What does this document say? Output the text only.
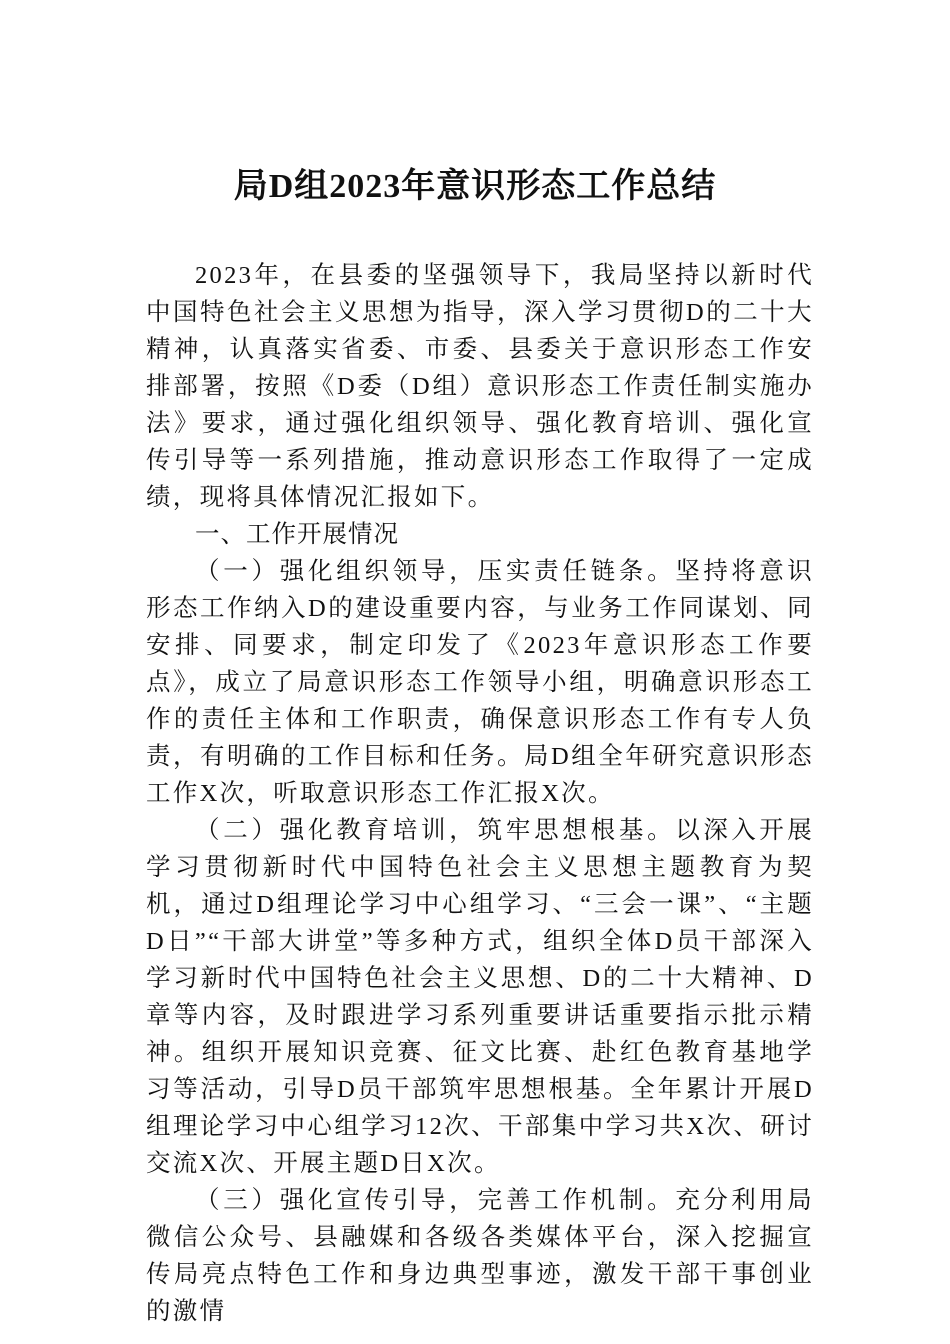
局D组2023年意识形态工作总结

2023年，在县委的坚强领导下，我局坚持以新时代中国特色社会主义思想为指导，深入学习贯彻D的二十大精神，认真落实省委、市委、县委关于意识形态工作安排部署，按照《D委（D组）意识形态工作责任制实施办法》要求，通过强化组织领导、强化教育培训、强化宣传引导等一系列措施，推动意识形态工作取得了一定成绩，现将具体情况汇报如下。

一、工作开展情况

（一）强化组织领导，压实责任链条。坚持将意识形态工作纳入D的建设重要内容，与业务工作同谋划、同安排、同要求，制定印发了《2023年意识形态工作要点》，成立了局意识形态工作领导小组，明确意识形态工作的责任主体和工作职责，确保意识形态工作有专人负责，有明确的工作目标和任务。局D组全年研究意识形态工作X次，听取意识形态工作汇报X次。

（二）强化教育培训，筑牢思想根基。以深入开展学习贯彻新时代中国特色社会主义思想主题教育为契机，通过D组理论学习中心组学习、“三会一课”、“主题D日”“干部大讲堂”等多种方式，组织全体D员干部深入学习新时代中国特色社会主义思想、D的二十大精神、D章等内容，及时跟进学习系列重要讲话重要指示批示精神。组织开展知识竞赛、征文比赛、赴红色教育基地学习等活动，引导D员干部筑牢思想根基。全年累计开展D组理论学习中心组学习12次、干部集中学习共X次、研讨交流X次、开展主题D日X次。

（三）强化宣传引导，完善工作机制。充分利用局微信公众号、县融媒和各级各类媒体平台，深入挖掘宣传局亮点特色工作和身边典型事迹，激发干部干事创业的激情
